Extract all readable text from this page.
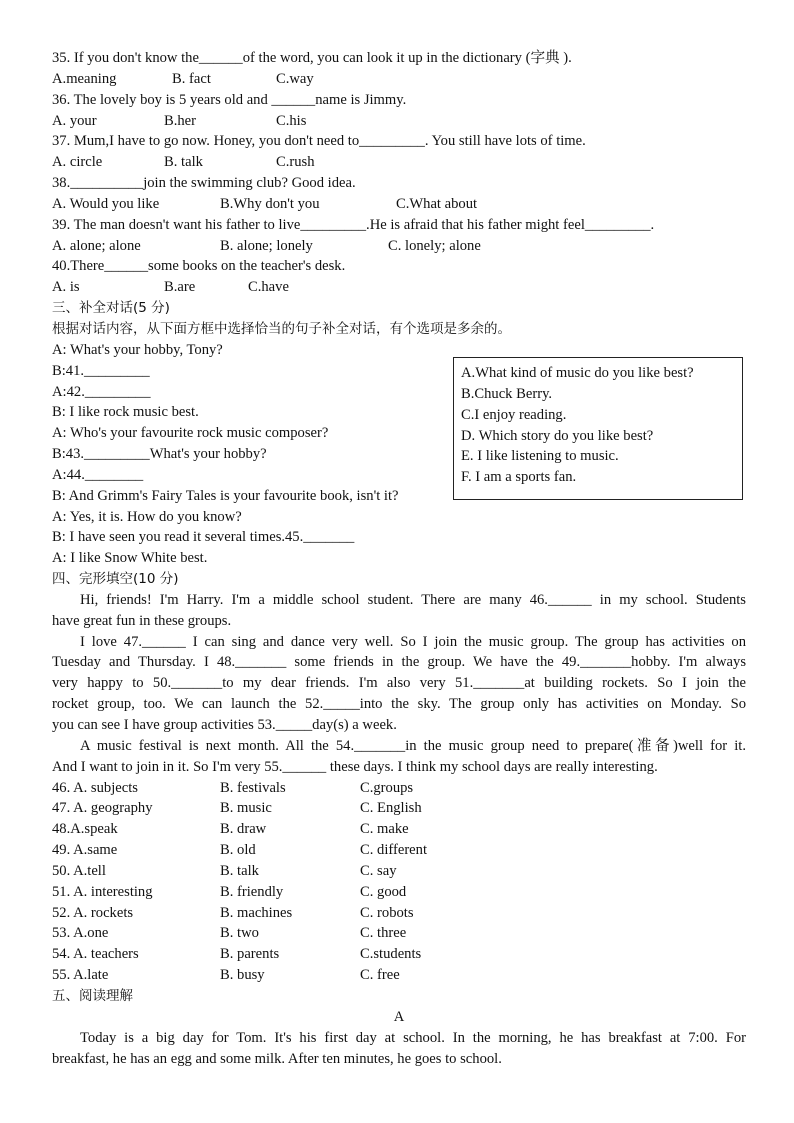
35. If you don't know the______of the word, you can look it up in the dictionary (字典 ).
A.meaning	B. fact	C.way
36. The lovely boy is 5 years old and ______name is Jimmy.
A. your	B.her	C.his
37. Mum,I have to go now. Honey, you don't need to_________. You still have lots of time.
A. circle	B. talk	C.rush
38.__________join the swimming club? Good idea.
A. Would you like	B.Why don't you	C.What about
39. The man doesn't want his father to live_________.He is afraid that his father might feel_________.
A. alone; alone	B. alone; lonely	C. lonely; alone
40.There______some books on the teacher's desk.
A. is	B.are	C.have
三、补全对话(5 分)
根据对话内容，从下面方框中选择恰当的句子补全对话，有个选项是多余的。
A: What's your hobby, Tony?
B:41._________
A:42._________
B: I like rock music best.
A: Who's your favourite rock music composer?
B:43._________What's your hobby?
A:44.________
B: And Grimm's Fairy Tales is your favourite book, isn't it?
A: Yes, it is. How do you know?
B: I have seen you read it several times.45._______
A: I like Snow White best.
四、完形填空(10 分)
Hi, friends! I'm Harry. I'm a middle school student. There are many 46.______ in my school. Students
have great fun in these groups.
I love 47.______ I can sing and dance very well. So I join the music group. The group has activities on
Tuesday and Thursday. I 48._______ some friends in the group. We have the 49._______hobby. I'm always
very happy to 50._______to my dear friends. I'm also very 51._______at building rockets. So I join the
rocket group, too. We can launch the 52._____into the sky. The group only has activities on Monday. So
you can see I have group activities 53._____day(s) a week.
A music festival is next month. All the 54._______in the music group need to prepare(准备)well for it.
And I want to join in it. So I'm very 55.______ these days. I think my school days are really interesting.
46. A. subjects	B. festivals	C.groups
47. A. geography	B. music	C. English
48.A.speak	B. draw	C. make
49. A.same	B. old	C. different
50. A.tell	B. talk	C. say
51. A. interesting	B. friendly	C. good
52. A. rockets	B. machines	C. robots
53. A.one	B. two	C. three
54. A. teachers	B. parents	C.students
55. A.late	B. busy	C. free
五、阅读理解
A
Today is a big day for Tom. It's his first day at school. In the morning, he has breakfast at 7:00. For
breakfast, he has an egg and some milk. After ten minutes, he goes to school.
A.What kind of music do you like best?
B.Chuck Berry.
C.I enjoy reading.
D. Which story do you like best?
E. I like listening to music.
F. I am a sports fan.
